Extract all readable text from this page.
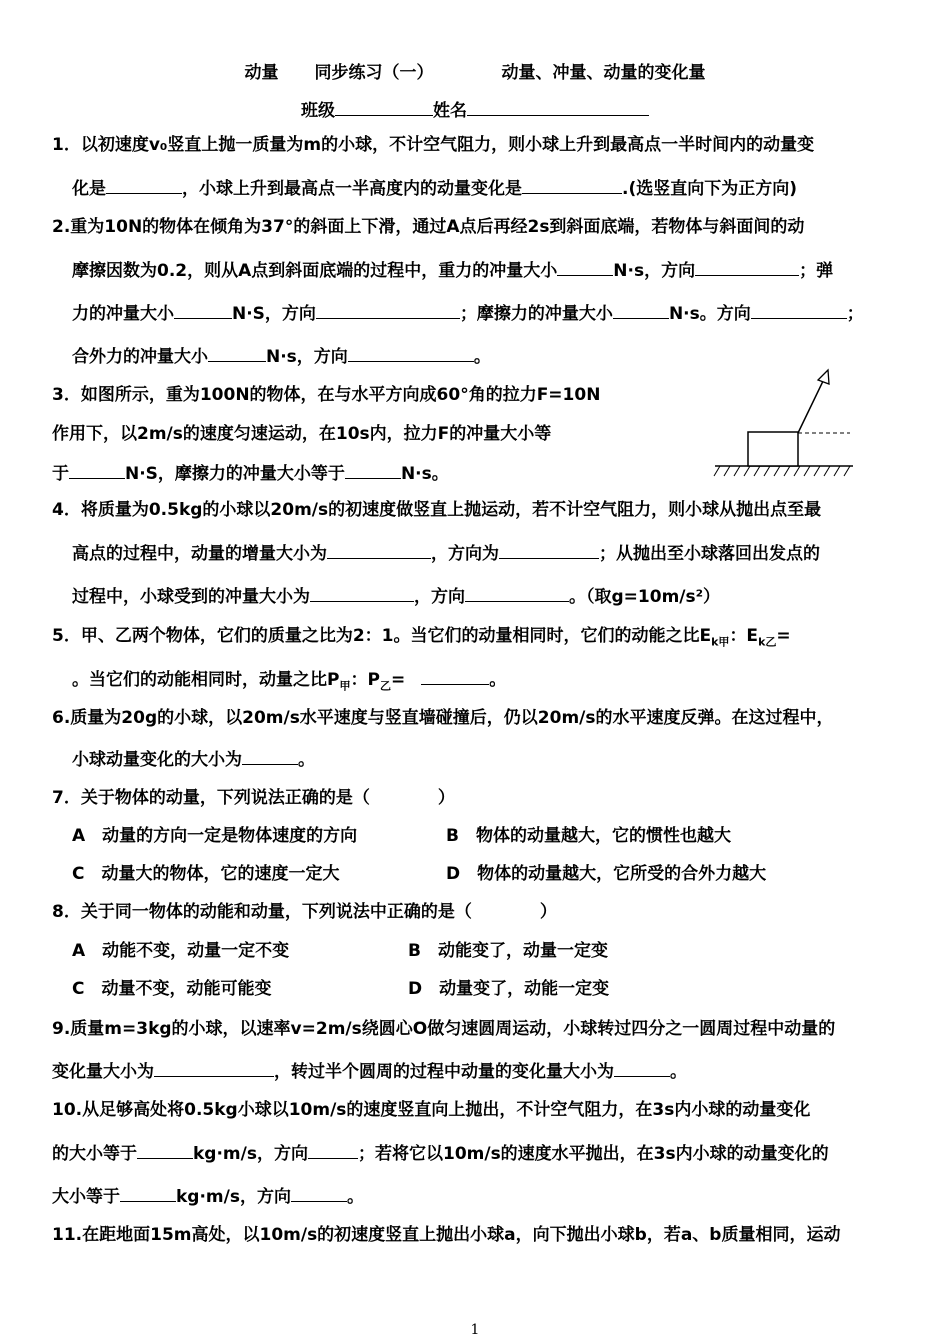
动量 同步练习（一）	动量、冲量、动量的变化量
班级	姓名
1．以初速度v₀竖直上抛一质量为m的小球，不计空气阻力，则小球上升到最高点一半时间内的动量变
化是	，小球上升到最高点一半高度内的动量变化是	.(选竖直向下为正方向)
2.重为10N的物体在倾角为37°的斜面上下滑，通过A点后再经2s到斜面底端，若物体与斜面间的动
摩擦因数为0.2，则从A点到斜面底端的过程中，重力的冲量大小	N·s，方向	；弹
力的冲量大小	N·S，方向	；摩擦力的冲量大小	N·s。方向	；
合外力的冲量大小	N·s，方向	。
3．如图所示，重为100N的物体，在与水平方向成60°角的拉力F=10N
作用下，以2m/s的速度匀速运动，在10s内，拉力F的冲量大小等
于	N·S，摩擦力的冲量大小等于	N·s。
4．将质量为0.5kg的小球以20m/s的初速度做竖直上抛运动，若不计空气阻力，则小球从抛出点至最
高点的过程中，动量的增量大小为	，方向为	；从抛出至小球落回出发点的
过程中，小球受到的冲量大小为	，方向	。（取g=10m/s²）
5．甲、乙两个物体，它们的质量之比为2：1。当它们的动量相同时，它们的动能之比$E_{k甲}$：$E_{k乙}=$
。当它们的动能相同时，动量之比$P_甲$：$P_乙=$	。
6.质量为20g的小球，以20m/s水平速度与竖直墙碰撞后，仍以20m/s的水平速度反弹。在这过程中，
小球动量变化的大小为	。
7．关于物体的动量，下列说法正确的是（　　　　）
A　动量的方向一定是物体速度的方向	B　物体的动量越大，它的惯性也越大
C　动量大的物体，它的速度一定大	D　物体的动量越大，它所受的合外力越大
8．关于同一物体的动能和动量，下列说法中正确的是（　　　　）
A　动能不变，动量一定不变	B　动能变了，动量一定变
C　动量不变，动能可能变	D　动量变了，动能一定变
9.质量m=3kg的小球，以速率v=2m/s绕圆心O做匀速圆周运动，小球转过四分之一圆周过程中动量的
变化量大小为	，转过半个圆周的过程中动量的变化量大小为	。
10.从足够高处将0.5kg小球以10m/s的速度竖直向上抛出，不计空气阻力，在3s内小球的动量变化
的大小等于	kg·m/s，方向	；若将它以10m/s的速度水平抛出，在3s内小球的动量变化的
大小等于	kg·m/s，方向	。
11.在距地面15m高处，以10m/s的初速度竖直上抛出小球a，向下抛出小球b，若a、b质量相同，运动
1
